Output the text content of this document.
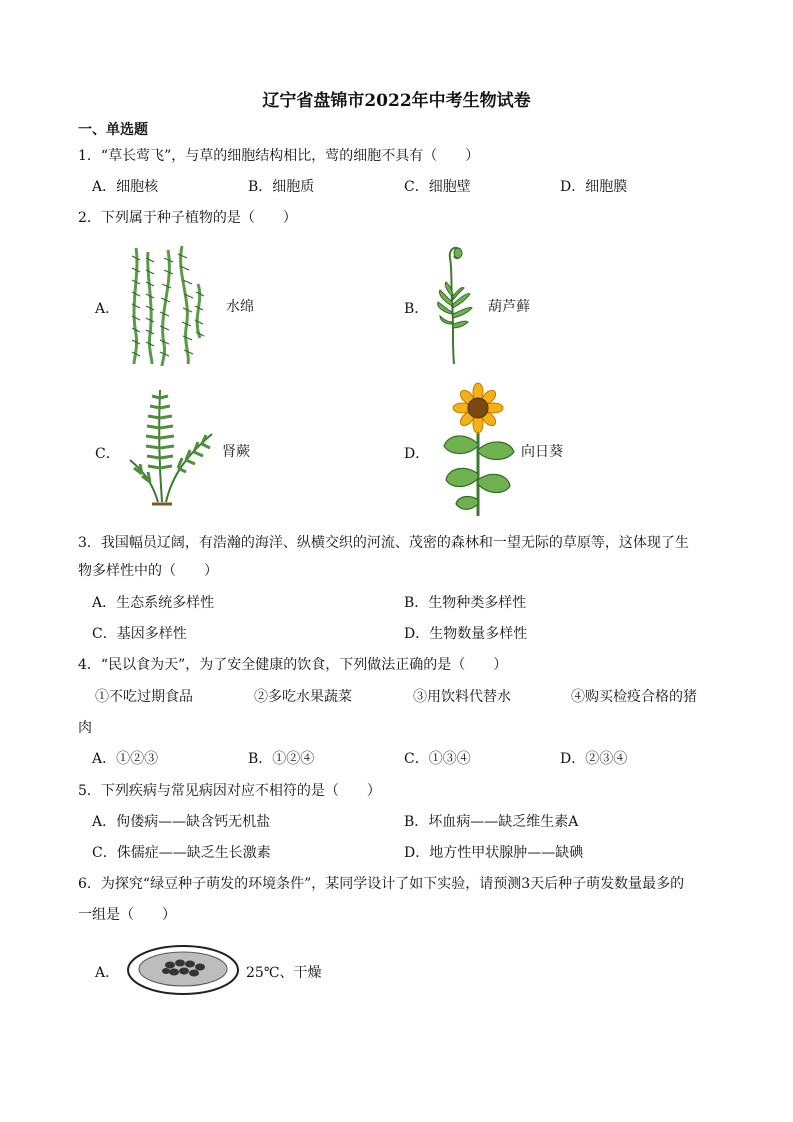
辽宁省盘锦市2022年中考生物试卷
一、单选题
1．“草长莺飞”，与草的细胞结构相比，莺的细胞不具有（　　）
A．细胞核	B．细胞质	C．细胞壁	D．细胞膜
2．下列属于种子植物的是（　　）
A．	水绵	B．	葫芦藓
C．	肾蕨	D．	向日葵
3．我国幅员辽阔，有浩瀚的海洋、纵横交织的河流、茂密的森林和一望无际的草原等，这体现了生
物多样性中的（　　）
A．生态系统多样性	B．生物种类多样性
C．基因多样性	D．生物数量多样性
4．“民以食为天”，为了安全健康的饮食，下列做法正确的是（　　）
①不吃过期食品	②多吃水果蔬菜	③用饮料代替水	④购买检疫合格的猪
肉
A．①②③	B．①②④	C．①③④	D．②③④
5．下列疾病与常见病因对应不相符的是（　　）
A．佝偻病——缺含钙无机盐	B．坏血病——缺乏维生素A
C．侏儒症——缺乏生长激素	D．地方性甲状腺肿——缺碘
6．为探究“绿豆种子萌发的环境条件”，某同学设计了如下实验，请预测3天后种子萌发数量最多的
一组是（　　）
A．	25℃、干燥
